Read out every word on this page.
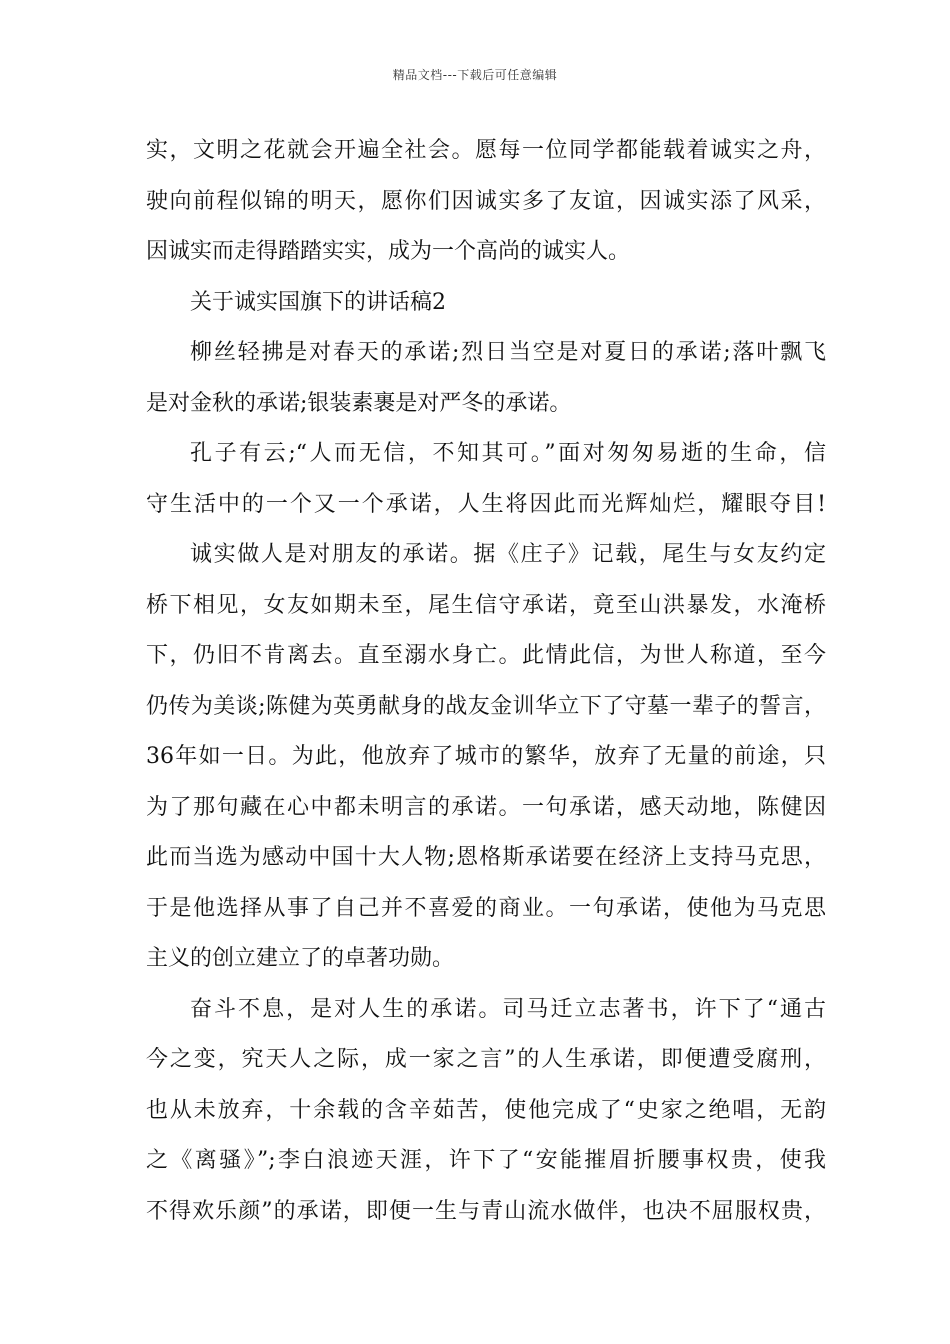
精品文档---下载后可任意编辑
实，文明之花就会开遍全社会。愿每一位同学都能载着诚实之舟，
驶向前程似锦的明天，愿你们因诚实多了友谊，因诚实添了风采，
因诚实而走得踏踏实实，成为一个高尚的诚实人。
关于诚实国旗下的讲话稿2
柳丝轻拂是对春天的承诺;烈日当空是对夏日的承诺;落叶飘飞
是对金秋的承诺;银装素裹是对严冬的承诺。
孔子有云;“人而无信，不知其可。”面对匆匆易逝的生命，信
守生活中的一个又一个承诺，人生将因此而光辉灿烂，耀眼夺目!
诚实做人是对朋友的承诺。据《庄子》记载，尾生与女友约定
桥下相见，女友如期未至，尾生信守承诺，竟至山洪暴发，水淹桥
下，仍旧不肯离去。直至溺水身亡。此情此信，为世人称道，至今
仍传为美谈;陈健为英勇献身的战友金训华立下了守墓一辈子的誓言，
36年如一日。为此，他放弃了城市的繁华，放弃了无量的前途，只
为了那句藏在心中都未明言的承诺。一句承诺，感天动地，陈健因
此而当选为感动中国十大人物;恩格斯承诺要在经济上支持马克思，
于是他选择从事了自己并不喜爱的商业。一句承诺，使他为马克思
主义的创立建立了的卓著功勋。
奋斗不息，是对人生的承诺。司马迁立志著书，许下了“通古
今之变，究天人之际，成一家之言”的人生承诺，即便遭受腐刑，
也从未放弃，十余载的含辛茹苦，使他完成了“史家之绝唱，无韵
之《离骚》”;李白浪迹天涯，许下了“安能摧眉折腰事权贵，使我
不得欢乐颜”的承诺，即便一生与青山流水做伴，也决不屈服权贵，
